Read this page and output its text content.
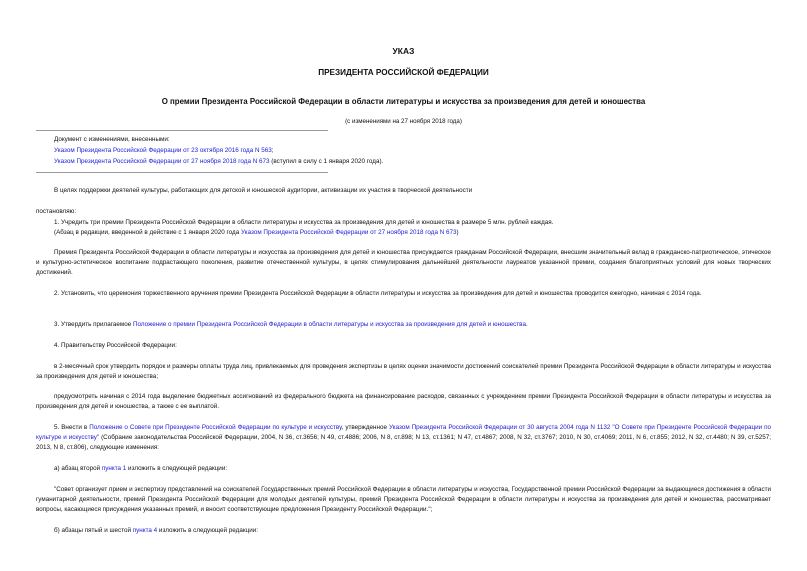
УКАЗ
ПРЕЗИДЕНТА РОССИЙСКОЙ ФЕДЕРАЦИИ
О премии Президента Российской Федерации в области литературы и искусства за произведения для детей и юношества
(с изменениями на 27 ноября 2018 года)
Документ с изменениями, внесенными:
Указом Президента Российской Федерации от 23 октября 2016 года N 563;
Указом Президента Российской Федерации от 27 ноября 2018 года N 673 (вступил в силу с 1 января 2020 года).
В целях поддержки деятелей культуры, работающих для детской и юношеской аудитории, активизации их участия в творческой деятельности
постановляю:
1. Учредить три премии Президента Российской Федерации в области литературы и искусства за произведения для детей и юношества в размере 5 млн. рублей каждая.
(Абзац в редакции, введенной в действие с 1 января 2020 года Указом Президента Российской Федерации от 27 ноября 2018 года N 673)
Премия Президента Российской Федерации в области литературы и искусства за произведения для детей и юношества присуждается гражданам Российской Федерации, внесшим значительный вклад в гражданско-патриотическое, этическое и культурно-эстетическое воспитание подрастающего поколения, развитие отечественной культуры, в целях стимулирования дальнейшей деятельности лауреатов указанной премии, создания благоприятных условий для новых творческих достижений.
2. Установить, что церемония торжественного вручения премии Президента Российской Федерации в области литературы и искусства за произведения для детей и юношества проводится ежегодно, начиная с 2014 года.
3. Утвердить прилагаемое Положение о премии Президента Российской Федерации в области литературы и искусства за произведения для детей и юношества.
4. Правительству Российской Федерации:
в 2-месячный срок утвердить порядок и размеры оплаты труда лиц, привлекаемых для проведения экспертизы в целях оценки значимости достижений соискателей премии Президента Российской Федерации в области литературы и искусства за произведения для детей и юношества;
предусмотреть начиная с 2014 года выделение бюджетных ассигнований из федерального бюджета на финансирование расходов, связанных с учреждением премии Президента Российской Федерации в области литературы и искусства за произведения для детей и юношества, а также с ее выплатой.
5. Внести в Положение о Совете при Президенте Российской Федерации по культуре и искусству, утвержденное Указом Президента Российской Федерации от 30 августа 2004 года N 1132 "О Совете при Президенте Российской Федерации по культуре и искусству" (Собрание законодательства Российской Федерации, 2004, N 36, ст.3656; N 49, ст.4886; 2006, N 8, ст.898; N 13, ст.1361; N 47, ст.4867; 2008, N 32, ст.3767; 2010, N 30, ст.4069; 2011, N 6, ст.855; 2012, N 32, ст.4480; N 39, ст.5257; 2013, N 8, ст.806), следующие изменения:
а) абзац второй пункта 1 изложить в следующей редакции:
"Совет организует прием и экспертизу представлений на соискателей Государственных премий Российской Федерации в области литературы и искусства, Государственной премии Российской Федерации за выдающиеся достижения в области гуманитарной деятельности, премий Президента Российской Федерации для молодых деятелей культуры, премий Президента Российской Федерации в области литературы и искусства за произведения для детей и юношества, рассматривает вопросы, касающиеся присуждения указанных премий, и вносит соответствующие предложения Президенту Российской Федерации.";
б) абзацы пятый и шестой пункта 4 изложить в следующей редакции:
